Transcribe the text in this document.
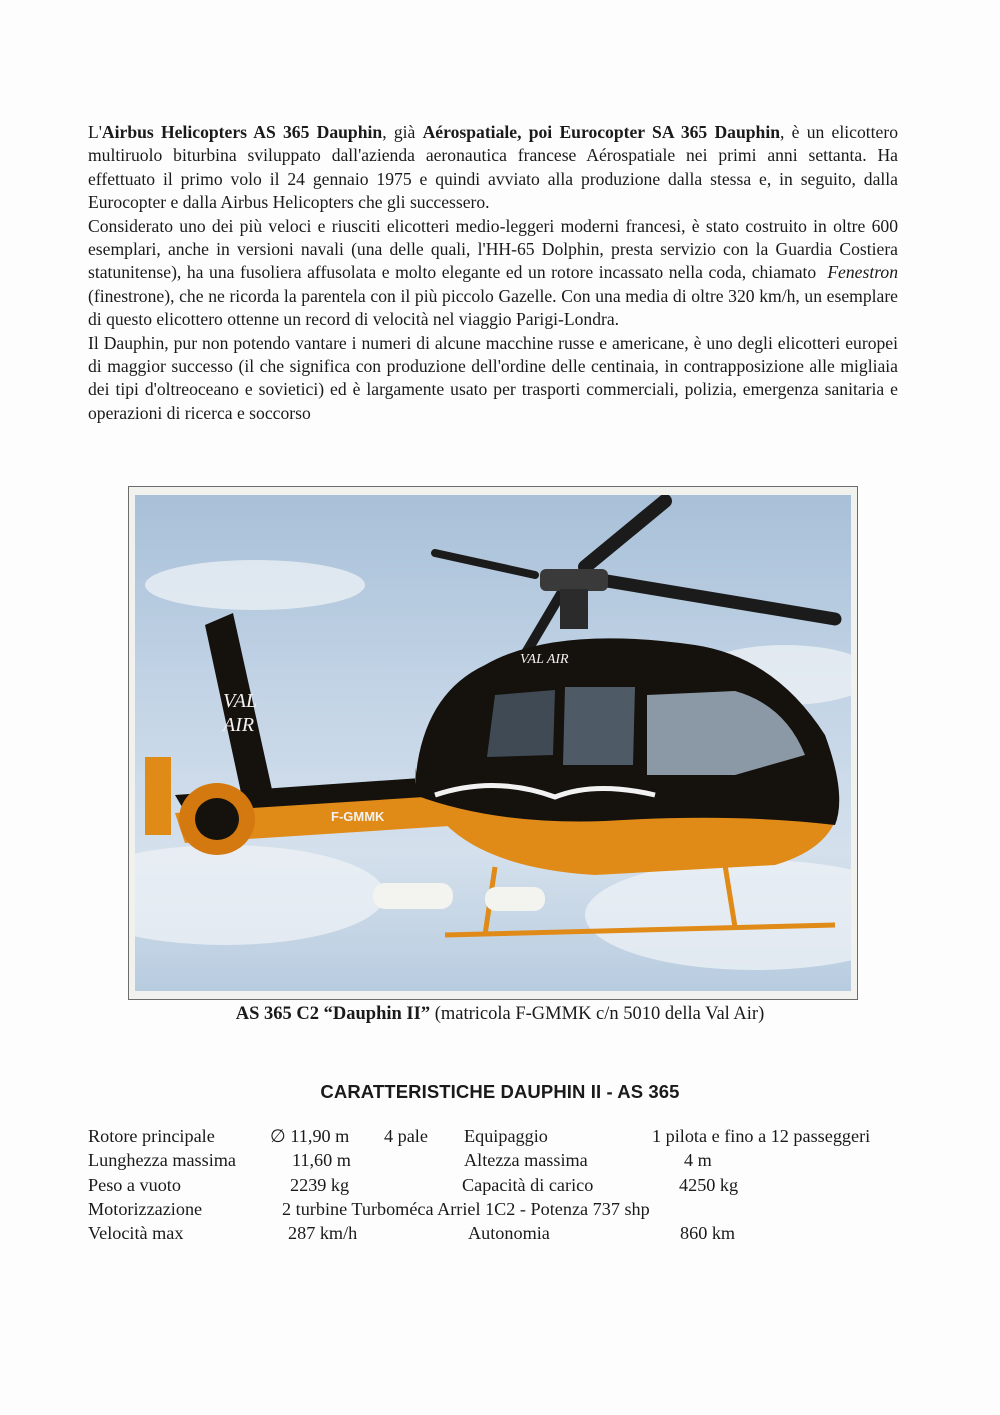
L'Airbus Helicopters AS 365 Dauphin, già Aérospatiale, poi Eurocopter SA 365 Dauphin, è un elicottero multiruolo biturbina sviluppato dall'azienda aeronautica francese Aérospatiale nei primi anni settanta. Ha effettuato il primo volo il 24 gennaio 1975 e quindi avviato alla produzione dalla stessa e, in seguito, dalla Eurocopter e dalla Airbus Helicopters che gli successero.

Considerato uno dei più veloci e riusciti elicotteri medio-leggeri moderni francesi, è stato costruito in oltre 600 esemplari, anche in versioni navali (una delle quali, l'HH-65 Dolphin, presta servizio con la Guardia Costiera statunitense), ha una fusoliera affusolata e molto elegante ed un rotore incassato nella coda, chiamato  Fenestron (finestrone), che ne ricorda la parentela con il più piccolo Gazelle. Con una media di oltre 320 km/h, un esemplare di questo elicottero ottenne un record di velocità nel viaggio Parigi-Londra.

Il Dauphin, pur non potendo vantare i numeri di alcune macchine russe e americane, è uno degli elicotteri europei di maggior successo (il che significa con produzione dell'ordine delle centinaia, in contrapposizione alle migliaia dei tipi d'oltreoceano e sovietici) ed è largamente usato per trasporti commerciali, polizia, emergenza sanitaria e operazioni di ricerca e soccorso

VAL
AIR
VAL AIR
F-GMMK
AS 365 C2 “Dauphin II” (matricola F-GMMK c/n 5010 della Val Air)
CARATTERISTICHE DAUPHIN II - AS 365
Rotore principale	∅ 11,90 m 4 pale Equipaggio	1 pilota e fino a 12 passeggeri
Lunghezza massima	11,60 m	Altezza massima	4 m
Peso a vuoto	2239 kg	Capacità di carico	4250 kg
Motorizzazione	2 turbine Turboméca Arriel 1C2 - Potenza 737 shp
Velocità max	287 km/h	Autonomia	860 km
